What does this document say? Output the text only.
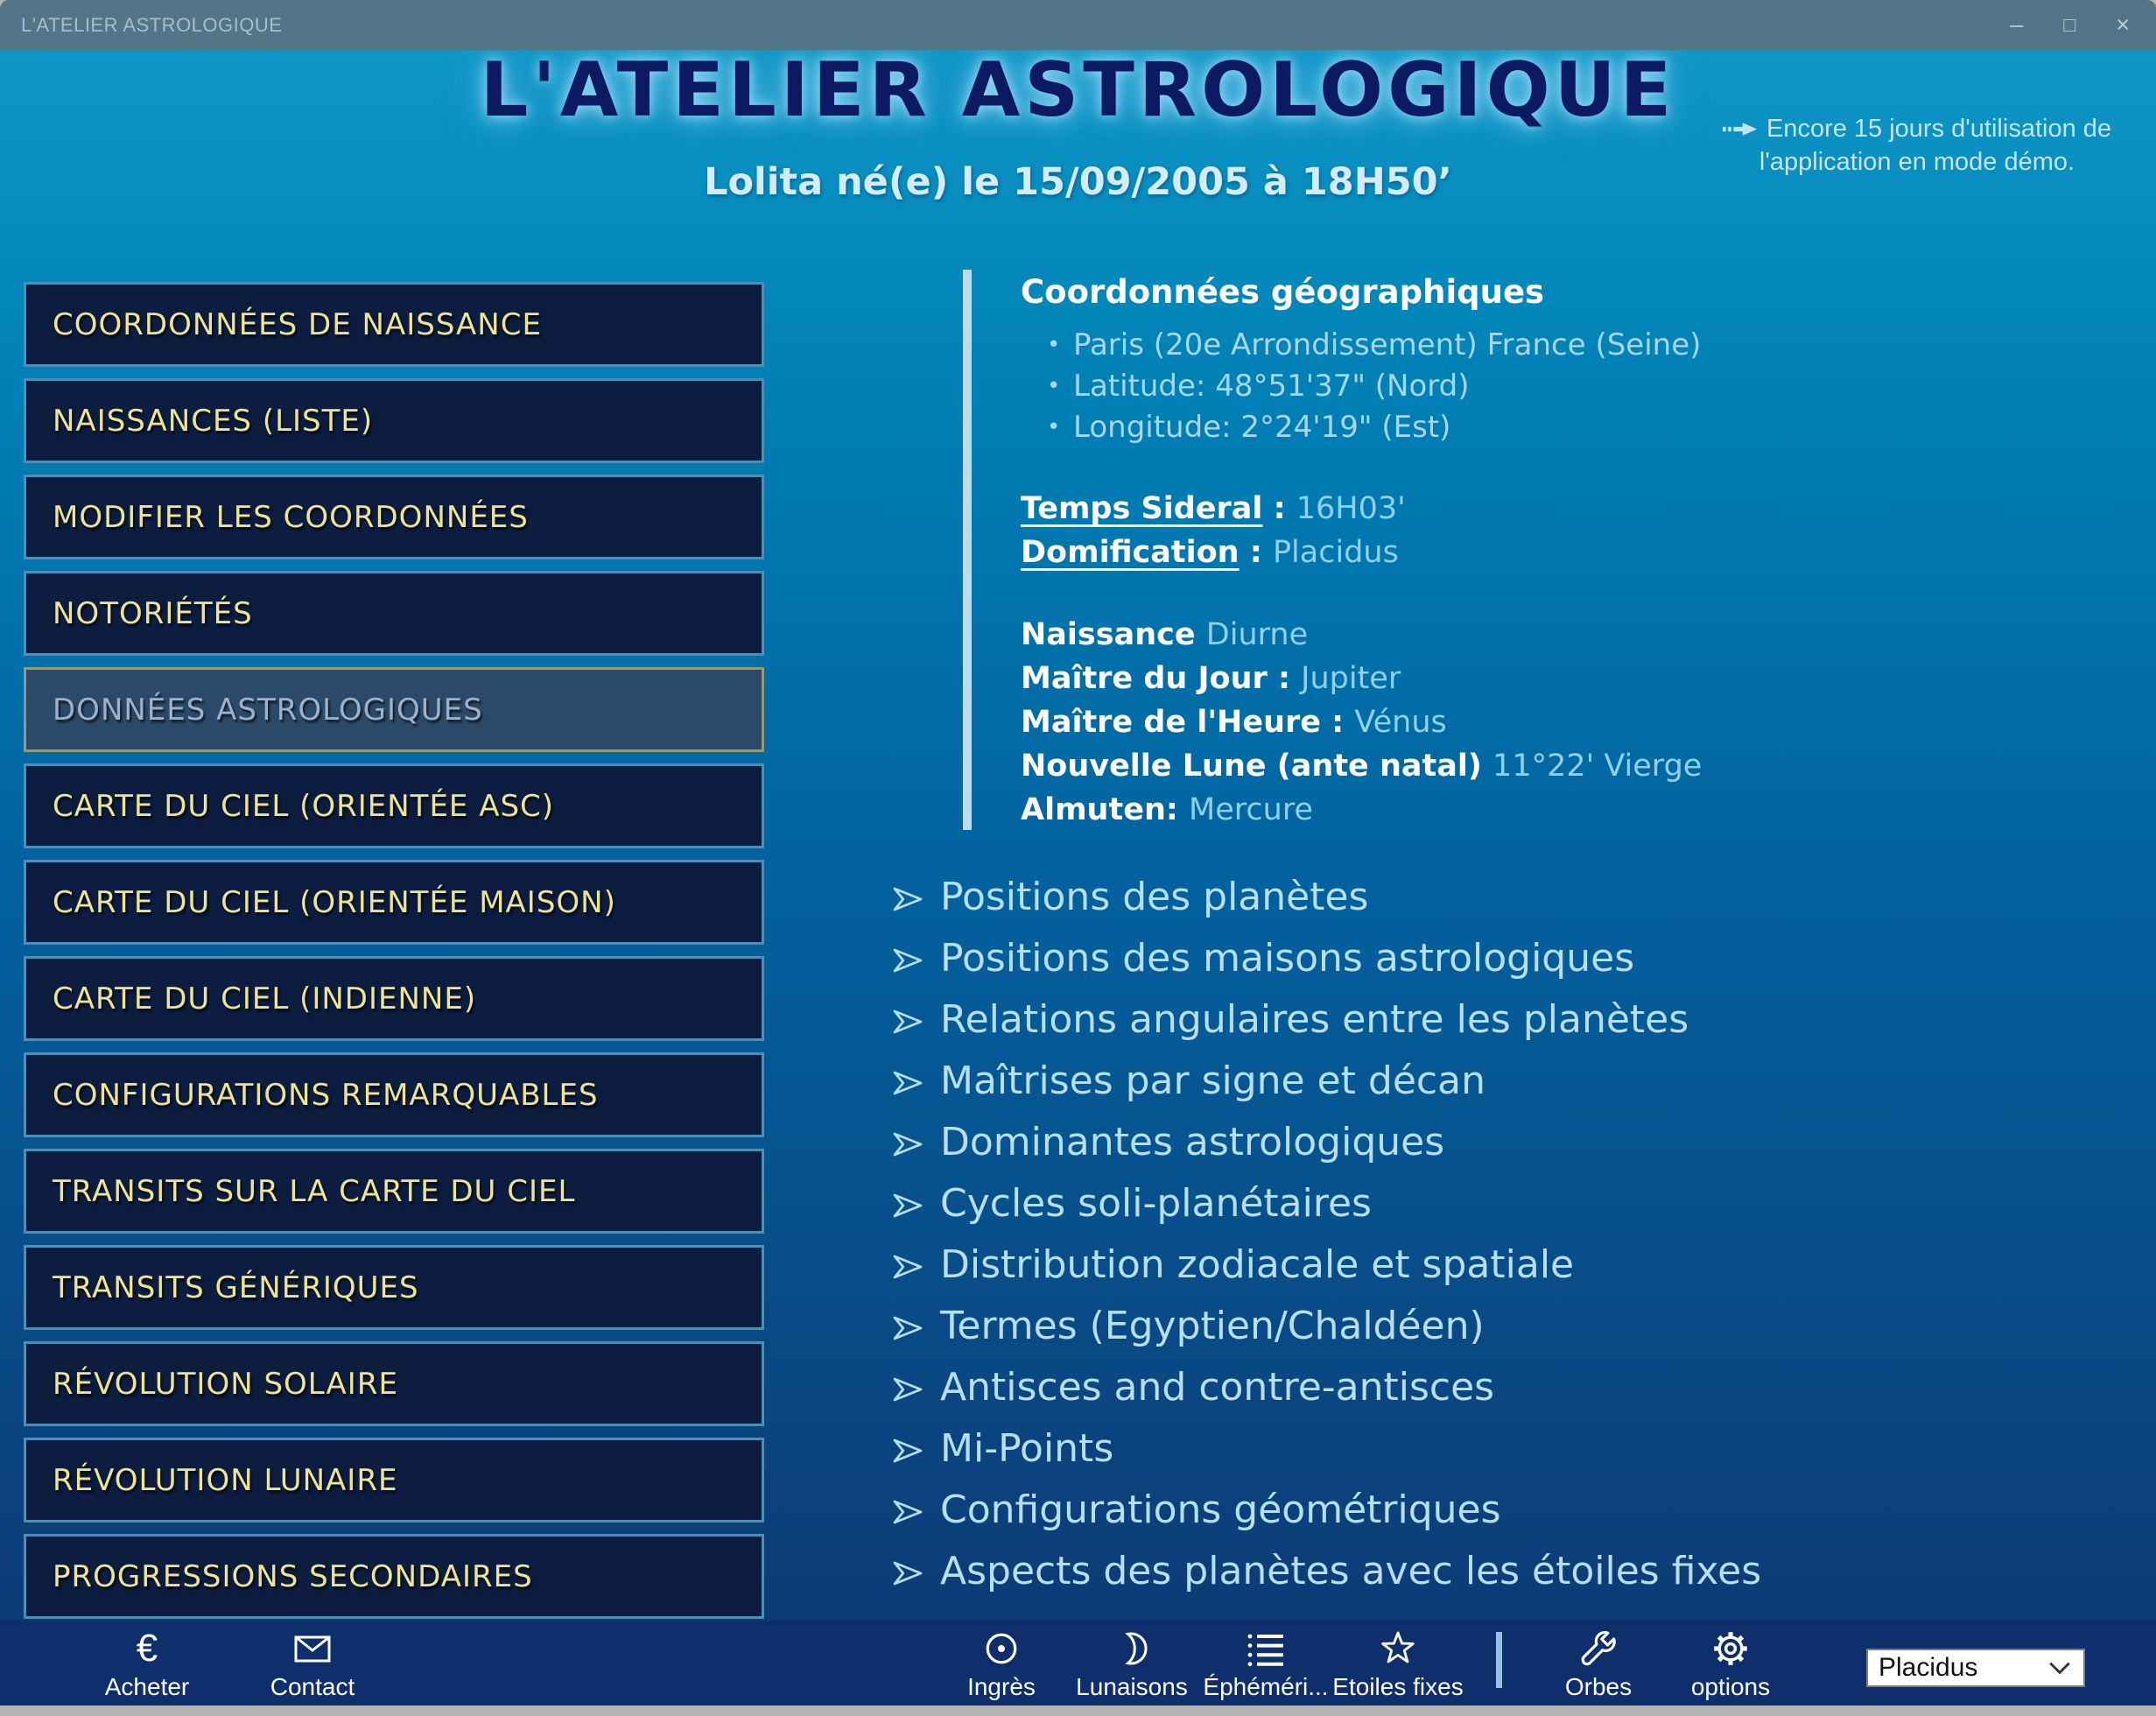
L'ATELIER ASTROLOGIQUE	– □ ×
L'ATELIER ASTROLOGIQUE
Lolita né(e) le 15/09/2005 à 18H50’
Encore 15 jours d'utilisation de l'application en mode démo.
COORDONNÉES DE NAISSANCE
NAISSANCES (LISTE)
MODIFIER LES COORDONNÉES
NOTORIÉTÉS
DONNÉES ASTROLOGIQUES
CARTE DU CIEL (ORIENTÉE ASC)
CARTE DU CIEL (ORIENTÉE MAISON)
CARTE DU CIEL (INDIENNE)
CONFIGURATIONS REMARQUABLES
TRANSITS SUR LA CARTE DU CIEL
TRANSITS GÉNÉRIQUES
RÉVOLUTION SOLAIRE
RÉVOLUTION LUNAIRE
PROGRESSIONS SECONDAIRES
Coordonnées géographiques
• Paris (20e Arrondissement) France (Seine)
• Latitude: 48°51'37" (Nord)
• Longitude: 2°24'19" (Est)
Temps Sideral : 16H03'
Domification : Placidus
Naissance Diurne
Maître du Jour : Jupiter
Maître de l'Heure : Vénus
Nouvelle Lune (ante natal) 11°22' Vierge
Almuten: Mercure
Positions des planètes
Positions des maisons astrologiques
Relations angulaires entre les planètes
Maîtrises par signe et décan
Dominantes astrologiques
Cycles soli-planétaires
Distribution zodiacale et spatiale
Termes (Egyptien/Chaldéen)
Antisces and contre-antisces
Mi-Points
Configurations géométriques
Aspects des planètes avec les étoiles fixes
€
Acheter	Contact	Ingrès	Lunaisons Éphéméri... Etoiles fixes	Orbes	options
Placidus
